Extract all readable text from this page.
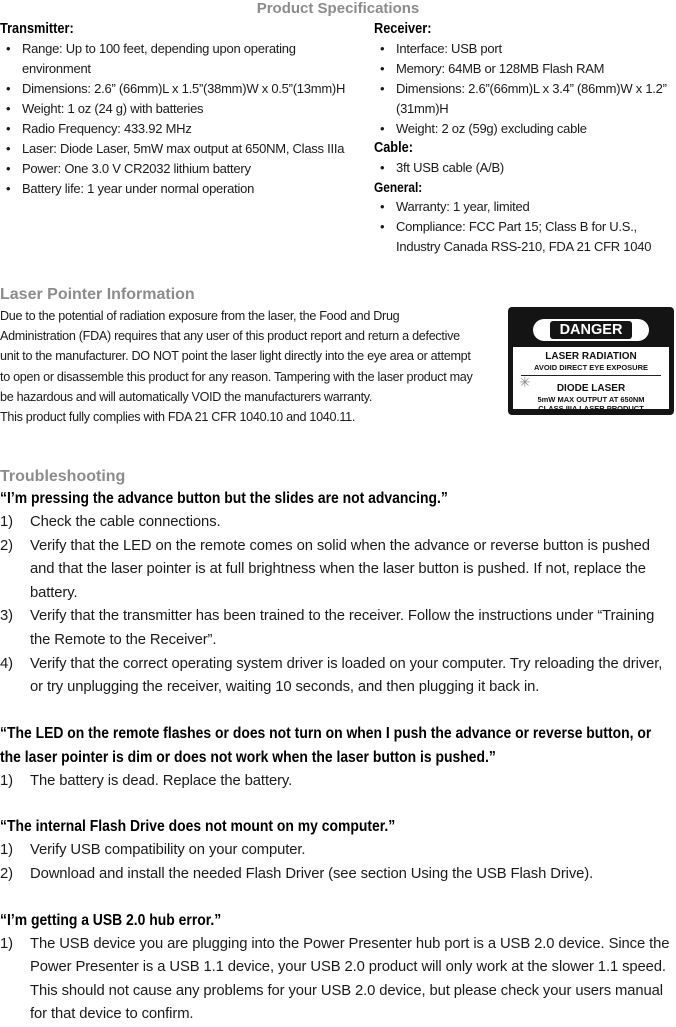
Product Specifications
Transmitter:
• Range: Up to 100 feet, depending upon operating environment
• Dimensions: 2.6” (66mm)L x 1.5”(38mm)W x 0.5”(13mm)H
• Weight: 1 oz (24 g) with batteries
• Radio Frequency: 433.92 MHz
• Laser: Diode Laser, 5mW max output at 650NM, Class IIIa
• Power: One 3.0 V CR2032 lithium battery
• Battery life: 1 year under normal operation
Receiver:
• Interface: USB port
• Memory: 64MB or 128MB Flash RAM
• Dimensions: 2.6”(66mm)L x 3.4” (86mm)W x 1.2” (31mm)H
• Weight: 2 oz (59g) excluding cable
Cable:
• 3ft USB cable (A/B)
General:
• Warranty: 1 year, limited
• Compliance: FCC Part 15; Class B for U.S., Industry Canada RSS-210, FDA 21 CFR 1040
Laser Pointer Information
Due to the potential of radiation exposure from the laser, the Food and Drug Administration (FDA) requires that any user of this product report and return a defective unit to the manufacturer. DO NOT point the laser light directly into the eye area or attempt to open or disassemble this product for any reason. Tampering with the laser product may be hazardous and will automatically VOID the manufacturers warranty.
This product fully complies with FDA 21 CFR 1040.10 and 1040.11.
DANGER
LASER RADIATION
AVOID DIRECT EYE EXPOSURE
✳	DIODE LASER
5mW MAX OUTPUT AT 650NM
CLASS IIIA LASER PRODUCT
Troubleshooting
“I’m pressing the advance button but the slides are not advancing.”
1) Check the cable connections.
2) Verify that the LED on the remote comes on solid when the advance or reverse button is pushed and that the laser pointer is at full brightness when the laser button is pushed. If not, replace the battery.
3) Verify that the transmitter has been trained to the receiver. Follow the instructions under “Training the Remote to the Receiver”.
4) Verify that the correct operating system driver is loaded on your computer. Try reloading the driver, or try unplugging the receiver, waiting 10 seconds, and then plugging it back in.
“The LED on the remote flashes or does not turn on when I push the advance or reverse button, or
the laser pointer is dim or does not work when the laser button is pushed.”
1) The battery is dead. Replace the battery.
“The internal Flash Drive does not mount on my computer.”
1) Verify USB compatibility on your computer.
2) Download and install the needed Flash Driver (see section Using the USB Flash Drive).
“I’m getting a USB 2.0 hub error.”
1) The USB device you are plugging into the Power Presenter hub port is a USB 2.0 device. Since the Power Presenter is a USB 1.1 device, your USB 2.0 product will only work at the slower 1.1 speed. This should not cause any problems for your USB 2.0 device, but please check your users manual for that device to confirm.
